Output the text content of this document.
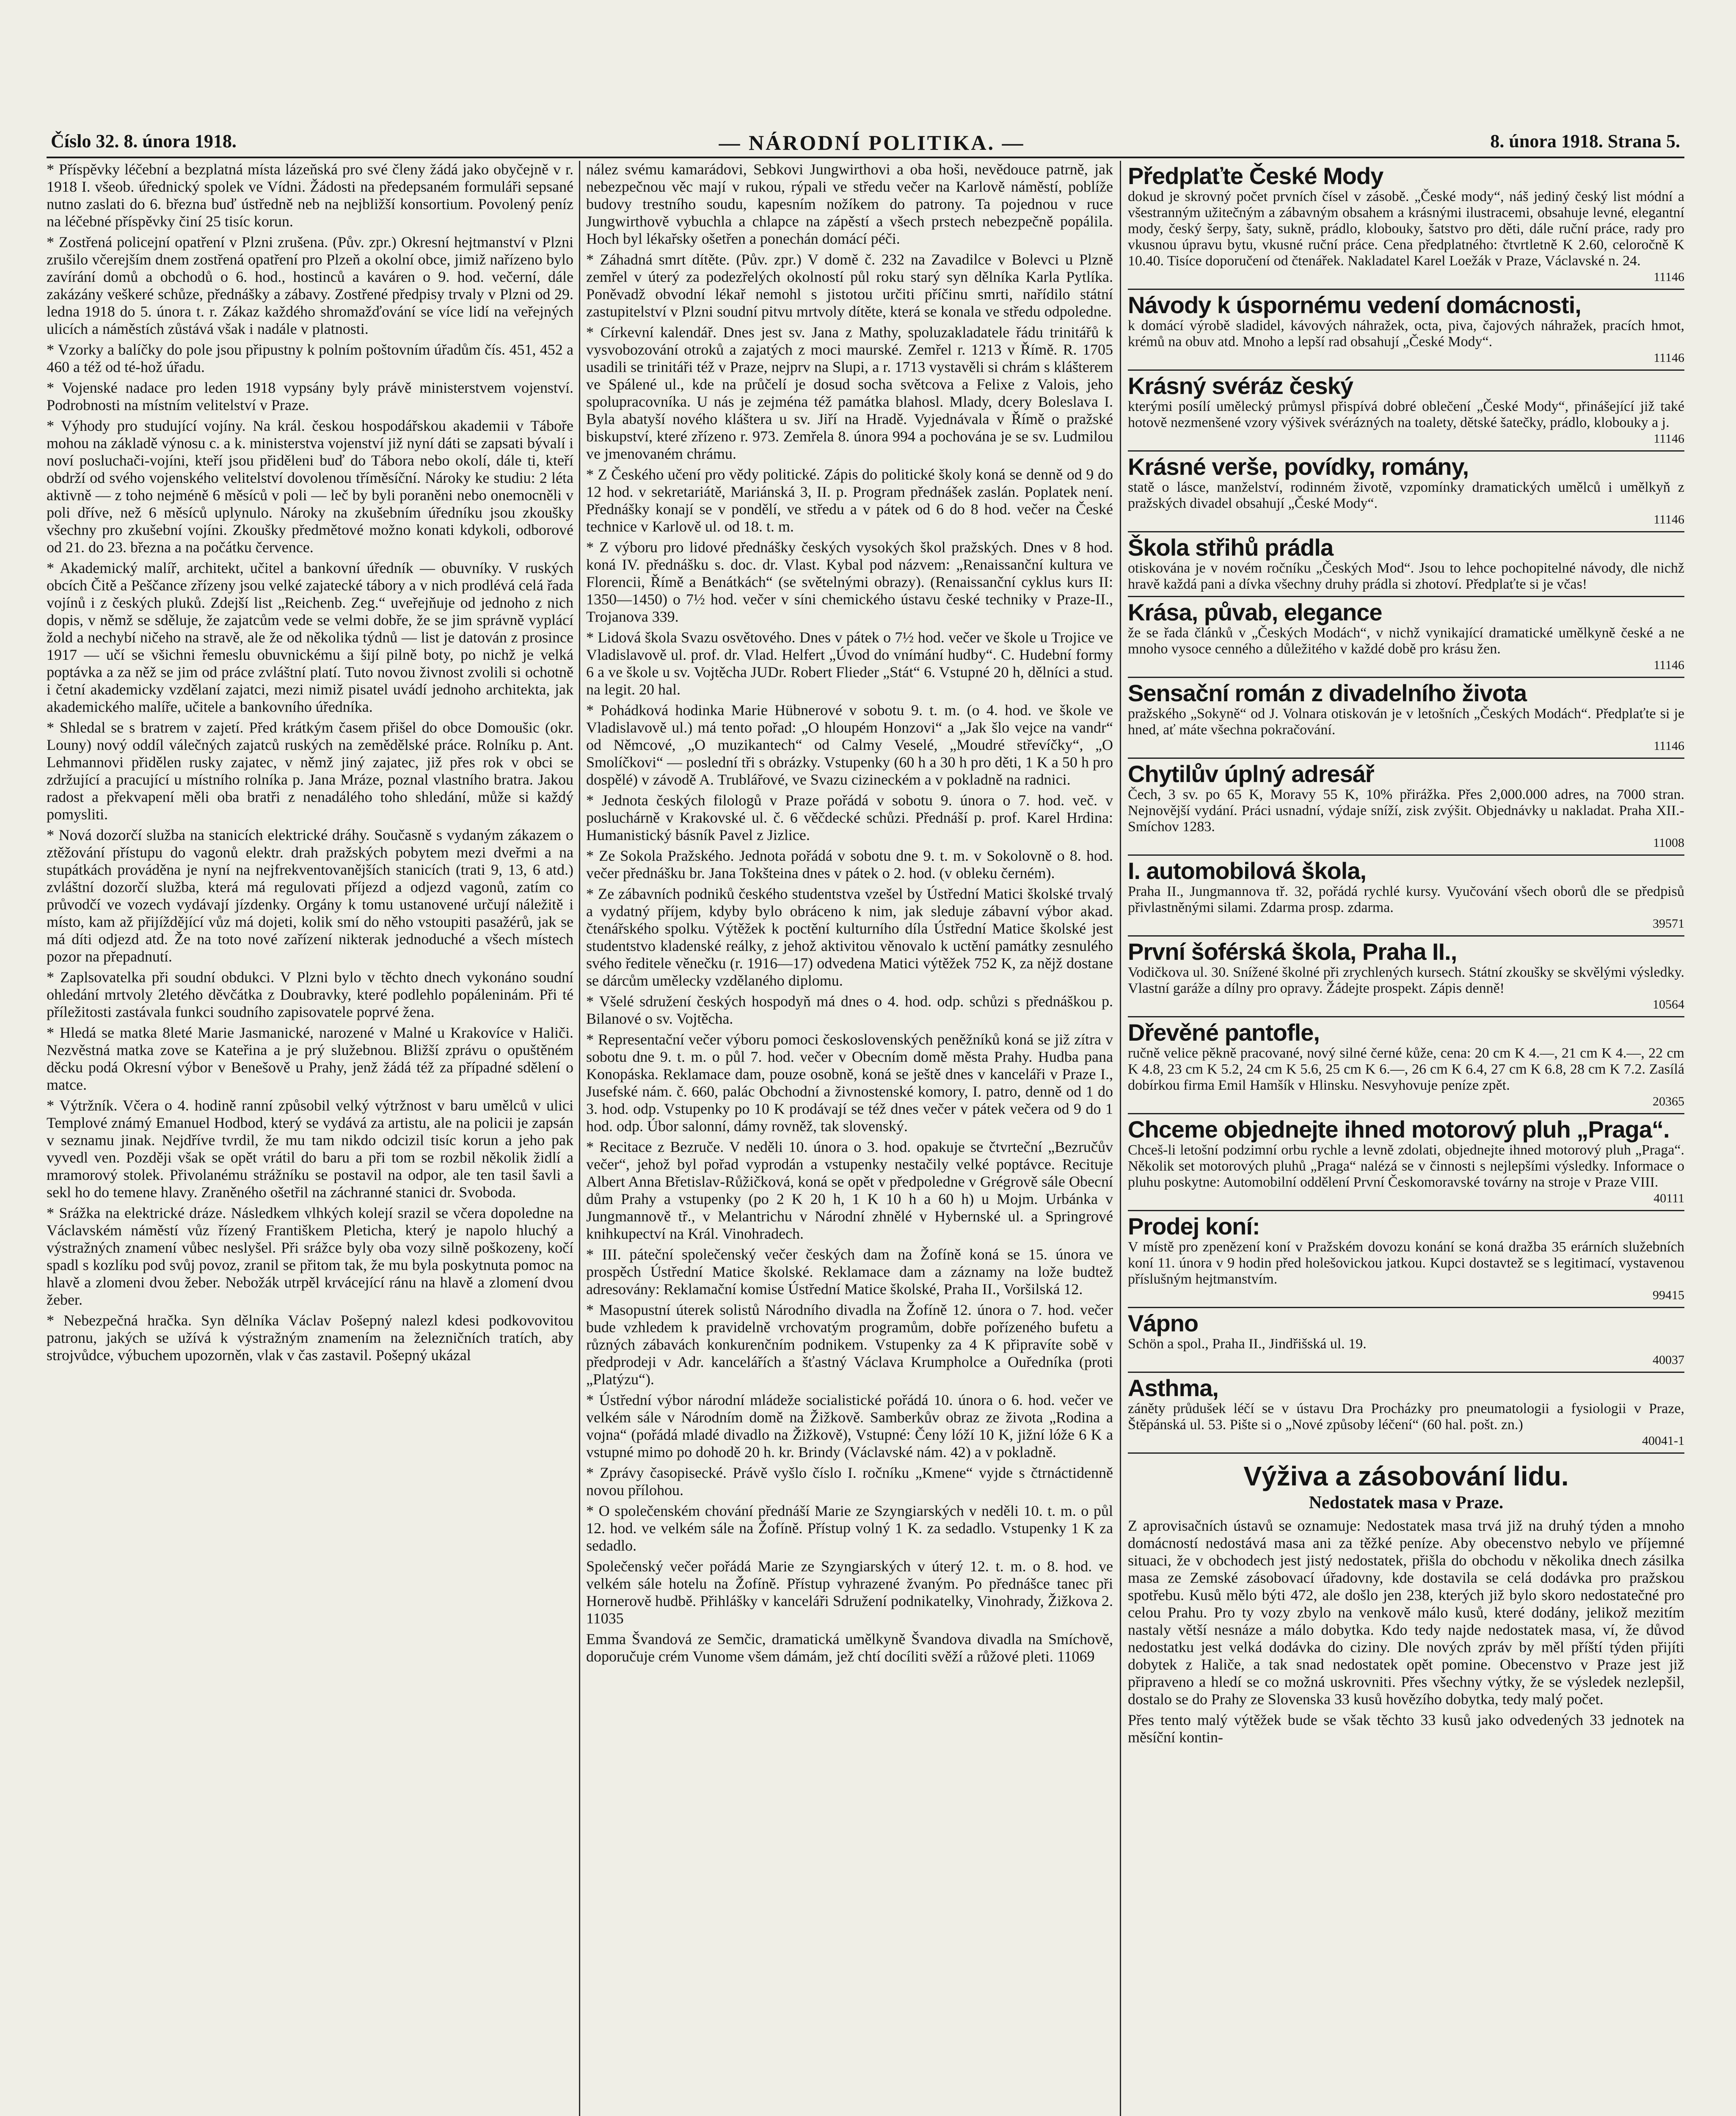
Číslo 32. 8. února 1918.	— NÁRODNÍ POLITIKA. —	8. února 1918. Strana 5.

* Příspěvky léčební a bezplatná místa lázeňská pro své členy žádá jako obyčejně v r. 1918 I. všeob. úřednický spolek ve Vídni. Žádosti na předepsaném formuláři sepsané nutno zaslati do 6. března buď ústředně neb na nejbližší konsortium. Povolený peníz na léčebné příspěvky činí 25 tisíc korun.

* Zostřená policejní opatření v Plzni zrušena. (Pův. zpr.) Okresní hejtmanství v Plzni zrušilo včerejším dnem zostřená opatření pro Plzeň a okolní obce, jimiž nařízeno bylo zavírání domů a obchodů o 6. hod., hostinců a kaváren o 9. hod. večerní, dále zakázány veškeré schůze, přednášky a zábavy. Zostřené předpisy trvaly v Plzni od 29. ledna 1918 do 5. února t. r. Zákaz každého shromažďování se více lidí na veřejných ulicích a náměstích zůstává však i nadále v platnosti.

* Vzorky a balíčky do pole jsou připustny k polním poštovním úřadům čís. 451, 452 a 460 a též od té-hož úřadu.

* Vojenské nadace pro leden 1918 vypsány byly právě ministerstvem vojenství. Podrobnosti na místním velitelství v Praze.

* Výhody pro studující vojíny. Na král. českou hospodářskou akademii v Táboře mohou na základě výnosu c. a k. ministerstva vojenství již nyní dáti se zapsati bývalí i noví posluchači-vojíni, kteří jsou přiděleni buď do Tábora nebo okolí, dále ti, kteří obdrží od svého vojenského velitelství dovolenou tříměsíční. Nároky ke studiu: 2 léta aktivně — z toho nejméně 6 měsíců v poli — leč by byli poraněni nebo onemocněli v poli dříve, než 6 měsíců uplynulo. Nároky na zkušebním úředníku jsou zkoušky všechny pro zkušební vojíni. Zkoušky předmětové možno konati kdykoli, odborové od 21. do 23. března a na počátku července.

* Akademický malíř, architekt, učitel a bankovní úředník — obuvníky. V ruských obcích Čitě a Peščance zřízeny jsou velké zajatecké tábory a v nich prodlévá celá řada vojínů i z českých pluků. Zdejší list „Reichenb. Zeg.“ uveřejňuje od jednoho z nich dopis, v němž se sděluje, že zajatcům vede se velmi dobře, že se jim správně vyplácí žold a nechybí ničeho na stravě, ale že od několika týdnů — list je datován z prosince 1917 — učí se všichni řemeslu obuvnickému a šijí pilně boty, po nichž je velká poptávka a za něž se jim od práce zvláštní platí. Tuto novou živnost zvolili si ochotně i četní akademicky vzdělaní zajatci, mezi nimiž pisatel uvádí jednoho architekta, jak akademického malíře, učitele a bankovního úředníka.

* Shledal se s bratrem v zajetí. Před krátkým časem přišel do obce Domoušic (okr. Louny) nový oddíl válečných zajatců ruských na zemědělské práce. Rolníku p. Ant. Lehmannovi přidělen rusky zajatec, v němž jiný zajatec, již přes rok v obci se zdržující a pracující u místního rolníka p. Jana Mráze, poznal vlastního bratra. Jakou radost a překvapení měli oba bratři z nenadálého toho shledání, může si každý pomysliti.

* Nová dozorčí služba na stanicích elektrické dráhy. Současně s vydaným zákazem o ztěžování přístupu do vagonů elektr. drah pražských pobytem mezi dveřmi a na stupátkách prováděna je nyní na nejfrekventovanějších stanicích (trati 9, 13, 6 atd.) zvláštní dozorčí služba, která má regulovati příjezd a odjezd vagonů, zatím co průvodčí ve vozech vydávají jízdenky. Orgány k tomu ustanovené určují náležitě i místo, kam až přijíždějící vůz má dojeti, kolik smí do něho vstoupiti pasažérů, jak se má díti odjezd atd. Že na toto nové zařízení nikterak jednoduché a všech místech pozor na přepadnutí.

* Zaplsovatelka při soudní obdukci. V Plzni bylo v těchto dnech vykonáno soudní ohledání mrtvoly 2letého děvčátka z Doubravky, které podlehlo popáleninám. Při té příležitosti zastávala funkci soudního zapisovatele poprvé žena.

* Hledá se matka 8leté Marie Jasmanické, narozené v Malné u Krakovíce v Haliči. Nezvěstná matka zove se Kateřina a je prý služebnou. Bližší zprávu o opuštěném děcku podá Okresní výbor v Benešově u Prahy, jenž žádá též za případné sdělení o matce.

* Výtržník. Včera o 4. hodině ranní způsobil velký výtržnost v baru umělců v ulici Templové známý Emanuel Hodbod, který se vydává za artistu, ale na policii je zapsán v seznamu jinak. Nejdříve tvrdil, že mu tam nikdo odcizil tisíc korun a jeho pak vyvedl ven. Později však se opět vrátil do baru a při tom se rozbil několik židlí a mramorový stolek. Přivolanému strážníku se postavil na odpor, ale ten tasil šavli a sekl ho do temene hlavy. Zraněného ošetřil na záchranné stanici dr. Svoboda.

* Srážka na elektrické dráze. Následkem vlhkých kolejí srazil se včera dopoledne na Václavském náměstí vůz řízený Františkem Pleticha, který je napolo hluchý a výstražných znamení vůbec neslyšel. Při srážce byly oba vozy silně poškozeny, kočí spadl s kozlíku pod svůj povoz, zranil se přitom tak, že mu byla poskytnuta pomoc na hlavě a zlomeni dvou žeber. Nebožák utrpěl krvácející ránu na hlavě a zlomení dvou žeber.

* Nebezpečná hračka. Syn dělníka Václav Pošepný nalezl kdesi podkovovitou patronu, jakých se užívá k výstražným znamením na železničních tratích, aby strojvůdce, výbuchem upozorněn, vlak v čas zastavil. Pošepný ukázal

nález svému kamarádovi, Sebkovi Jungwirthovi a oba hoši, nevědouce patrně, jak nebezpečnou věc mají v rukou, rýpali ve středu večer na Karlově náměstí, poblíže budovy trestního soudu, kapesním nožíkem do patrony. Ta pojednou v ruce Jungwirthově vybuchla a chlapce na zápěstí a všech prstech nebezpečně popálila. Hoch byl lékařsky ošetřen a ponechán domácí péči.

* Záhadná smrt dítěte. (Pův. zpr.) V domě č. 232 na Zavadilce v Bolevci u Plzně zemřel v úterý za podezřelých okolností půl roku starý syn dělníka Karla Pytlíka. Poněvadž obvodní lékař nemohl s jistotou určiti příčinu smrti, nařídilo státní zastupitelství v Plzni soudní pitvu mrtvoly dítěte, která se konala ve středu odpoledne.

* Církevní kalendář. Dnes jest sv. Jana z Mathy, spoluzakladatele řádu trinitářů k vysvobozování otroků a zajatých z moci maurské. Zemřel r. 1213 v Římě. R. 1705 usadili se trinitáři též v Praze, nejprv na Slupi, a r. 1713 vystavěli si chrám s klášterem ve Spálené ul., kde na průčelí je dosud socha světcova a Felixe z Valois, jeho spolupracovníka. U nás je zejména též památka blahosl. Mlady, dcery Boleslava I. Byla abatyší nového kláštera u sv. Jiří na Hradě. Vyjednávala v Římě o pražské biskupství, které zřízeno r. 973. Zemřela 8. února 994 a pochována je se sv. Ludmilou ve jmenovaném chrámu.

* Z Českého učení pro vědy politické. Zápis do politické školy koná se denně od 9 do 12 hod. v sekretariátě, Mariánská 3, II. p. Program přednášek zaslán. Poplatek není. Přednášky konají se v pondělí, ve středu a v pátek od 6 do 8 hod. večer na České technice v Karlově ul. od 18. t. m.

* Z výboru pro lidové přednášky českých vysokých škol pražských. Dnes v 8 hod. koná IV. přednášku s. doc. dr. Vlast. Kybal pod názvem: „Renaissanční kultura ve Florencii, Římě a Benátkách“ (se světelnými obrazy). (Renaissanční cyklus kurs II: 1350—1450) o 7½ hod. večer v síni chemického ústavu české techniky v Praze-II., Trojanova 339.

* Lidová škola Svazu osvětového. Dnes v pátek o 7½ hod. večer ve škole u Trojice ve Vladislavově ul. prof. dr. Vlad. Helfert „Úvod do vnímání hudby“. C. Hudební formy 6 a ve škole u sv. Vojtěcha JUDr. Robert Flieder „Stát“ 6. Vstupné 20 h, dělníci a stud. na legit. 20 hal.

* Pohádková hodinka Marie Hübnerové v sobotu 9. t. m. (o 4. hod. ve škole ve Vladislavově ul.) má tento pořad: „O hloupém Honzovi“ a „Jak šlo vejce na vandr“ od Němcové, „O muzikantech“ od Calmy Veselé, „Moudré střevíčky“, „O Smolíčkovi“ — poslední tři s obrázky. Vstupenky (60 h a 30 h pro děti, 1 K a 50 h pro dospělé) v závodě A. Trublářové, ve Svazu cizineckém a v pokladně na radnici.

* Jednota českých filologů v Praze pořádá v sobotu 9. února o 7. hod. več. v posluchárně v Krakovské ul. č. 6 věčdecké schůzi. Přednáší p. prof. Karel Hrdina: Humanistický básník Pavel z Jizlice.

* Ze Sokola Pražského. Jednota pořádá v sobotu dne 9. t. m. v Sokolovně o 8. hod. večer přednášku br. Jana Tokšteina dnes v pátek o 2. hod. (v obleku černém).

* Ze zábavních podniků českého studentstva vzešel by Ústřední Matici školské trvalý a vydatný příjem, kdyby bylo obráceno k nim, jak sleduje zábavní výbor akad. čtenářského spolku. Výtěžek k poctění kulturního díla Ústřední Matice školské jest studentstvo kladenské reálky, z jehož aktivitou věnovalo k uctění památky zesnulého svého ředitele věnečku (r. 1916—17) odvedena Matici výtěžek 752 K, za nějž dostane se dárcům umělecky vzdělaného diplomu.

* Všelé sdružení českých hospodyň má dnes o 4. hod. odp. schůzi s přednáškou p. Bilanové o sv. Vojtěcha.

* Representační večer výboru pomoci československých peněžníků koná se již zítra v sobotu dne 9. t. m. o půl 7. hod. večer v Obecním domě města Prahy. Hudba pana Konopáska. Reklamace dam, pouze osobně, koná se ještě dnes v kanceláři v Praze I., Jusefské nám. č. 660, palác Obchodní a živnostenské komory, I. patro, denně od 1 do 3. hod. odp. Vstupenky po 10 K prodávají se též dnes večer v pátek večera od 9 do 1 hod. odp. Úbor salonní, dámy rovněž, tak slovenský.

* Recitace z Bezruče. V neděli 10. února o 3. hod. opakuje se čtvrteční „Bezručův večer“, jehož byl pořad vyprodán a vstupenky nestačily velké poptávce. Recituje Albert Anna Břetislav-Růžičková, koná se opět v předpoledne v Grégrově sále Obecní dům Prahy a vstupenky (po 2 K 20 h, 1 K 10 h a 60 h) u Mojm. Urbánka v Jungmannově tř., v Melantrichu v Národní zhnělé v Hybernské ul. a Springrové knihkupectví na Král. Vinohradech.

* III. páteční společenský večer českých dam na Žofíně koná se 15. února ve prospěch Ústřední Matice školské. Reklamace dam a záznamy na lože budtež adresovány: Reklamační komise Ústřední Matice školské, Praha II., Voršilská 12.

* Masopustní úterek solistů Národního divadla na Žofíně 12. února o 7. hod. večer bude vzhledem k pravidelně vrchovatým programům, dobře pořízeného bufetu a různých zábavách konkurenčním podnikem. Vstupenky za 4 K připravíte sobě v předprodeji v Adr. kancelářích a šťastný Václava Krumpholce a Ouředníka (proti „Platýzu“).

* Ústřední výbor národní mládeže socialistické pořádá 10. února o 6. hod. večer ve velkém sále v Národním domě na Žižkově. Samberkův obraz ze života „Rodina a vojna“ (pořádá mladé divadlo na Žižkově), Vstupné: Čeny lóží 10 K, jižní lóže 6 K a vstupné mimo po dohodě 20 h. kr. Brindy (Václavské nám. 42) a v pokladně.

* Zprávy časopisecké. Právě vyšlo číslo I. ročníku „Kmene“ vyjde s čtrnáctidenně novou přílohou.

* O společenském chování přednáší Marie ze Szyngiarských v neděli 10. t. m. o půl 12. hod. ve velkém sále na Žofíně. Přístup volný 1 K. za sedadlo. Vstupenky 1 K za sedadlo.

Společenský večer pořádá Marie ze Szyngiarských v úterý 12. t. m. o 8. hod. ve velkém sále hotelu na Žofíně. Přístup vyhrazené žvaným. Po přednášce tanec při Hornerově hudbě. Přihlášky v kanceláři Sdružení podnikatelky, Vinohrady, Žižkova 2. 11035

Emma Švandová ze Semčic, dramatická umělkyně Švandova divadla na Smíchově, doporučuje crém Vunome všem dámám, jež chtí docíliti svěží a růžové pleti. 11069

Předplaťte České Mody
dokud je skrovný počet prvních čísel v zásobě. „České mody“, náš jediný český list módní a všestranným užitečným a zábavným obsahem a krásnými ilustracemi, obsahuje levné, elegantní mody, český šerpy, šaty, sukně, prádlo, klobouky, šatstvo pro děti, dále ruční práce, rady pro vkusnou úpravu bytu, vkusné ruční práce. Cena předplatného: čtvrtletně K 2.60, celoročně K 10.40. Tisíce doporučení od čtenářek. Nakladatel Karel Loežák v Praze, Václavské n. 24.
11146
Návody k úspornému vedení domácnosti,
k domácí výrobě sladidel, kávových náhražek, octa, piva, čajových náhražek, pracích hmot, krémů na obuv atd. Mnoho a lepší rad obsahují „České Mody“.
11146
Krásný svéráz český
kterými posílí umělecký průmysl přispívá dobré oblečení „České Mody“, přinášející již také hotově nezmenšené vzory výšivek svérázných na toalety, dětské šatečky, prádlo, klobouky a j.
11146
Krásné verše, povídky, romány,
statě o lásce, manželství, rodinném životě, vzpomínky dramatických umělců i umělkyň z pražských divadel obsahují „České Mody“.
11146
Škola střihů prádla
otiskována je v novém ročníku „Českých Mod“. Jsou to lehce pochopitelné návody, dle nichž hravě každá pani a dívka všechny druhy prádla si zhotoví. Předplaťte si je včas!
Krása, půvab, elegance
že se řada článků v „Českých Modách“, v nichž vynikající dramatické umělkyně české a ne mnoho vysoce cenného a důležitého v každé době pro krásu žen.
11146
Sensační román z divadelního života
pražského „Sokyně“ od J. Volnara otiskován je v letošních „Českých Modách“. Předplaťte si je hned, ať máte všechna pokračování.
11146
Chytilův úplný adresář
Čech, 3 sv. po 65 K, Moravy 55 K, 10% přirážka. Přes 2,000.000 adres, na 7000 stran. Nejnovější vydání. Práci usnadní, výdaje sníží, zisk zvýšit. Objednávky u nakladat. Praha XII.-Smíchov 1283.
11008
I. automobilová škola,
Praha II., Jungmannova tř. 32, pořádá rychlé kursy. Vyučování všech oborů dle se předpisů přivlastněnými silami. Zdarma prosp. zdarma.
39571
První šoférská škola, Praha II.,
Vodičkova ul. 30. Snížené školné při zrychlených kursech. Státní zkoušky se skvělými výsledky. Vlastní garáže a dílny pro opravy. Žádejte prospekt. Zápis denně!
10564
Dřevěné pantofle,
ručně velice pěkně pracované, nový silné černé kůže, cena: 20 cm K 4.—, 21 cm K 4.—, 22 cm K 4.8, 23 cm K 5.2, 24 cm K 5.6, 25 cm K 6.—, 26 cm K 6.4, 27 cm K 6.8, 28 cm K 7.2. Zasílá dobírkou firma Emil Hamšík v Hlinsku. Nesvyhovuje peníze zpět.
20365
Chceme objednejte ihned motorový pluh „Praga“.
Chceš-li letošní podzimní orbu rychle a levně zdolati, objednejte ihned motorový pluh „Praga“. Několik set motorových pluhů „Praga“ nalézá se v činnosti s nejlepšími výsledky. Informace o pluhu poskytne: Automobilní oddělení První Českomoravské továrny na stroje v Praze VIII.
40111
Prodej koní:
V místě pro zpenězení koní v Pražském dovozu konání se koná dražba 35 erárních služebních koní 11. února v 9 hodin před holešovickou jatkou. Kupci dostavtež se s legitimací, vystavenou příslušným hejtmanstvím.
99415
Vápno
Schön a spol., Praha II., Jindřišská ul. 19.
40037
Asthma,
záněty průdušek léčí se v ústavu Dra Procházky pro pneumatologii a fysiologii v Praze, Štěpánská ul. 53. Pište si o „Nové způsoby léčení“ (60 hal. pošt. zn.)
40041-1
Výživa a zásobování lidu.
Nedostatek masa v Praze.

Z aprovisačních ústavů se oznamuje: Nedostatek masa trvá již na druhý týden a mnoho domácností nedostává masa ani za těžké peníze. Aby obecenstvo nebylo ve příjemné situaci, že v obchodech jest jistý nedostatek, přišla do obchodu v několika dnech zásilka masa ze Zemské zásobovací úřadovny, kde dostavila se celá dodávka pro pražskou spotřebu. Kusů mělo býti 472, ale došlo jen 238, kterých již bylo skoro nedostatečné pro celou Prahu. Pro ty vozy zbylo na venkově málo kusů, které dodány, jelikož mezitím nastaly větší nesnáze a málo dobytka. Kdo tedy najde nedostatek masa, ví, že důvod nedostatku jest velká dodávka do ciziny. Dle nových zpráv by měl příští týden přijíti dobytek z Haliče, a tak snad nedostatek opět pomine. Obecenstvo v Praze jest již připraveno a hledí se co možná uskrovniti. Přes všechny výtky, že se výsledek nezlepšil, dostalo se do Prahy ze Slovenska 33 kusů hovězího dobytka, tedy malý počet.

Přes tento malý výtěžek bude se však těchto 33 kusů jako odvedených 33 jednotek na měsíční kontin-
